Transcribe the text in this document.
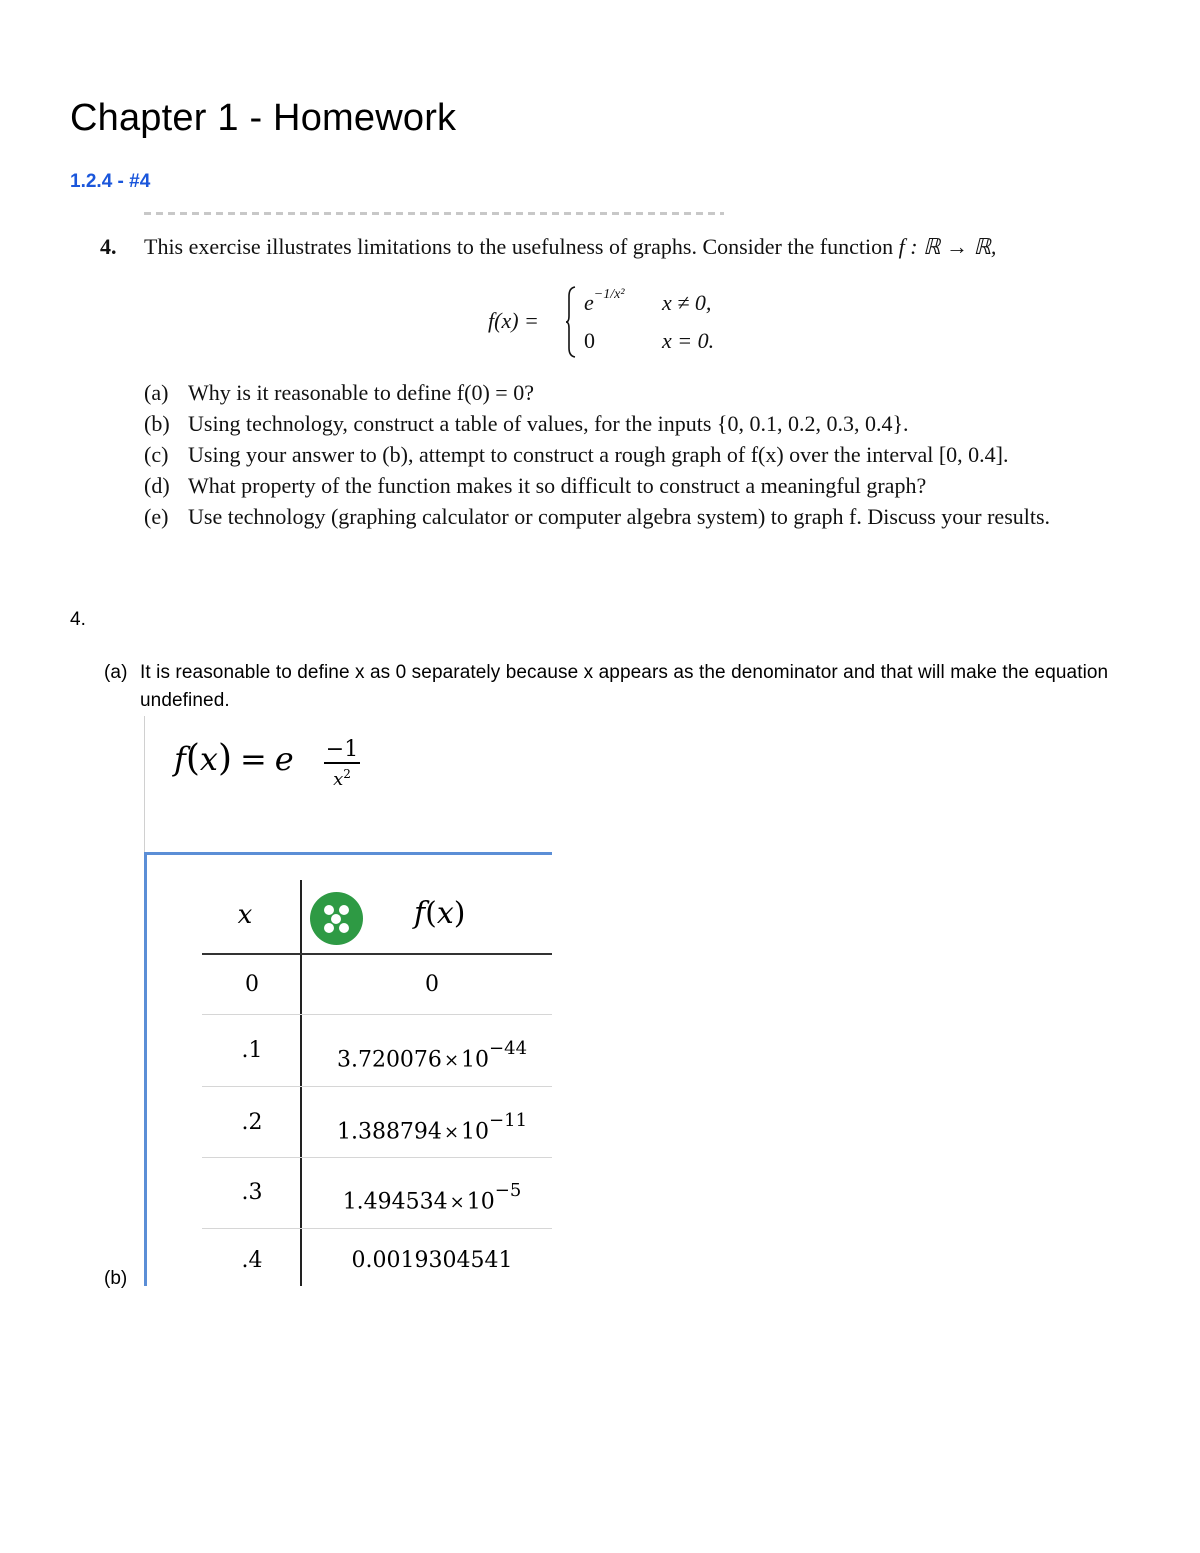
Chapter 1 - Homework
1.2.4 - #4
4. This exercise illustrates limitations to the usefulness of graphs. Consider the function f : ℝ → ℝ,
f(x) =
$e^{-1/x^2}$ x ≠ 0,
0	x = 0.
(a) Why is it reasonable to define f(0) = 0?
(b) Using technology, construct a table of values, for the inputs {0, 0.1, 0.2, 0.3, 0.4}.
(c) Using your answer to (b), attempt to construct a rough graph of f(x) over the interval [0, 0.4].
(d) What property of the function makes it so difficult to construct a meaningful graph?
(e) Use technology (graphing calculator or computer algebra system) to graph f. Discuss your results.
4.
(a) It is reasonable to define x as 0 separately because x appears as the denominator and that will make the equation undefined.
(b)
f(x) = e −1
$x^2$
x	f(x)
0	0
.1	$3.720076 \times 10^{-44}$
.2	$1.388794 \times 10^{-11}$
.3	$1.494534 \times 10^{-5}$
.4	0.0019304541
